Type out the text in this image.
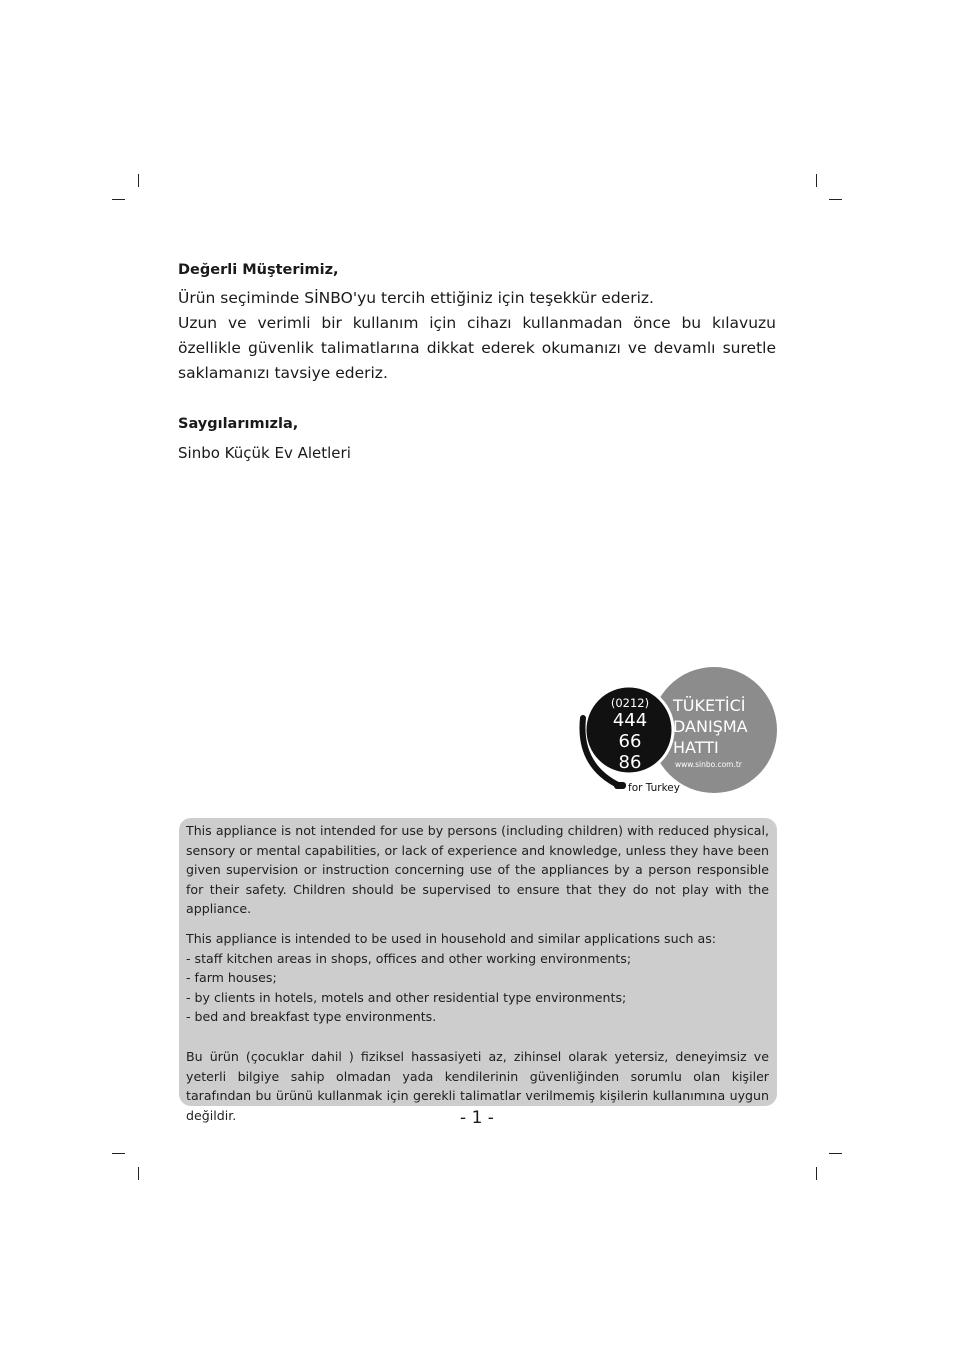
Değerli Müşterimiz,

Ürün seçiminde SİNBO'yu tercih ettiğiniz için teşekkür ederiz.

Uzun ve verimli bir kullanım için cihazı kullanmadan önce bu kılavuzu özellikle güvenlik talimatlarına dikkat ederek okumanızı ve devamlı suretle saklamanızı tavsiye ederiz.

Saygılarımızla,
Sinbo Küçük Ev Aletleri
(0212)
444
66
86
for Turkey
TÜKETİCİ
DANIŞMA
HATTI
www.sinbo.com.tr

This appliance is not intended for use by persons (including children) with reduced physical, sensory or mental capabilities, or lack of experience and knowledge, unless they have been given supervision or instruction concerning use of the appliances by a person responsible for their safety. Children should be supervised to ensure that they do not play with the appliance.

This appliance is intended to be used in household and similar applications such as:

- staff kitchen areas in shops, offices and other working environments;
- farm houses;
- by clients in hotels, motels and other residential type environments;
- bed and breakfast type environments.

Bu ürün (çocuklar dahil ) fiziksel hassasiyeti az, zihinsel olarak yetersiz, deneyimsiz ve yeterli bilgiye sahip olmadan yada kendilerinin güvenliğinden sorumlu olan kişiler tarafından bu ürünü kullanmak için gerekli talimatlar verilmemiş kişilerin kullanımına uygun değildir.	- 1 -
